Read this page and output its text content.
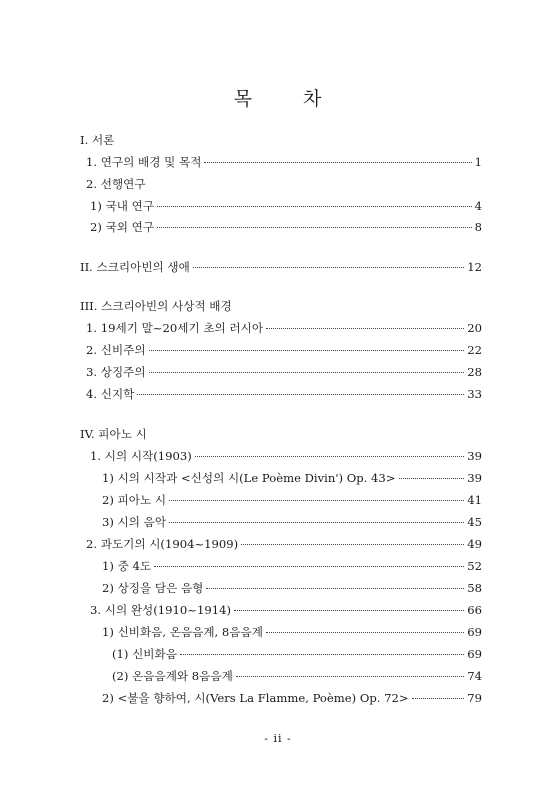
목	차
I. 서론
1. 연구의 배경 및 목적	1
2. 선행연구
1) 국내 연구	4
2) 국외 연구	8
II. 스크리아빈의 생애	12
III. 스크리아빈의 사상적 배경
1. 19세기 말~20세기 초의 러시아	20
2. 신비주의	22
3. 상징주의	28
4. 신지학	33
IV. 피아노 시
1. 시의 시작(1903)	39
1) 시의 시작과 <신성의 시(Le Poème Divin') Op. 43>	39
2) 피아노 시	41
3) 시의 음악	45
2. 과도기의 시(1904~1909)	49
1) 중 4도	52
2) 상징을 담은 음형	58
3. 시의 완성(1910~1914)	66
1) 신비화음, 온음음계, 8음음계	69
(1) 신비화음	69
(2) 온음음계와 8음음계	74
2) <불을 향하여, 시(Vers La Flamme, Poème) Op. 72>	79
- ii -
